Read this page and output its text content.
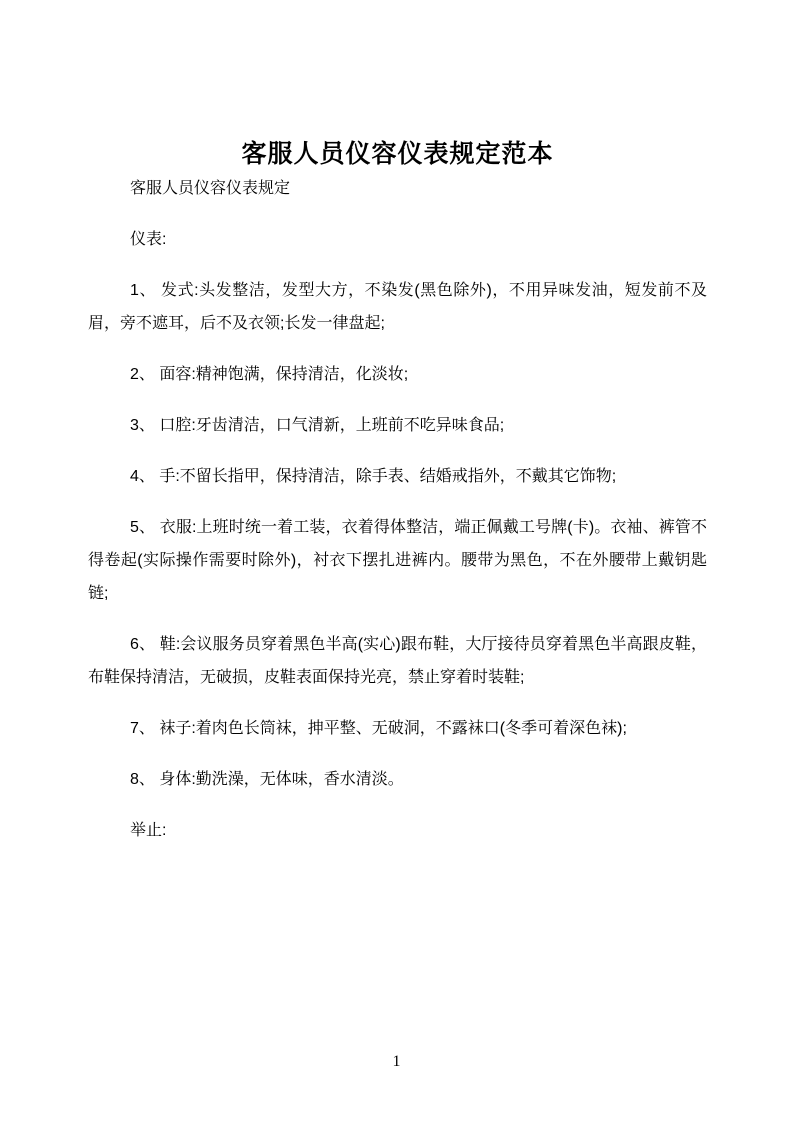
客服人员仪容仪表规定范本

客服人员仪容仪表规定

仪表:

1、 发式:头发整洁，发型大方，不染发(黑色除外)，不用异味发油，短发前不及眉，旁不遮耳，后不及衣领;长发一律盘起;

2、 面容:精神饱满，保持清洁，化淡妆;

3、 口腔:牙齿清洁，口气清新，上班前不吃异味食品;

4、 手:不留长指甲，保持清洁，除手表、结婚戒指外，不戴其它饰物;

5、 衣服:上班时统一着工装，衣着得体整洁，端正佩戴工号牌(卡)。衣袖、裤管不得卷起(实际操作需要时除外)，衬衣下摆扎进裤内。腰带为黑色，不在外腰带上戴钥匙链;

6、 鞋:会议服务员穿着黑色半高(实心)跟布鞋，大厅接待员穿着黑色半高跟皮鞋，布鞋保持清洁，无破损，皮鞋表面保持光亮，禁止穿着时装鞋;

7、 袜子:着肉色长筒袜，抻平整、无破洞，不露袜口(冬季可着深色袜);

8、 身体:勤洗澡，无体味，香水清淡。

举止:

1
